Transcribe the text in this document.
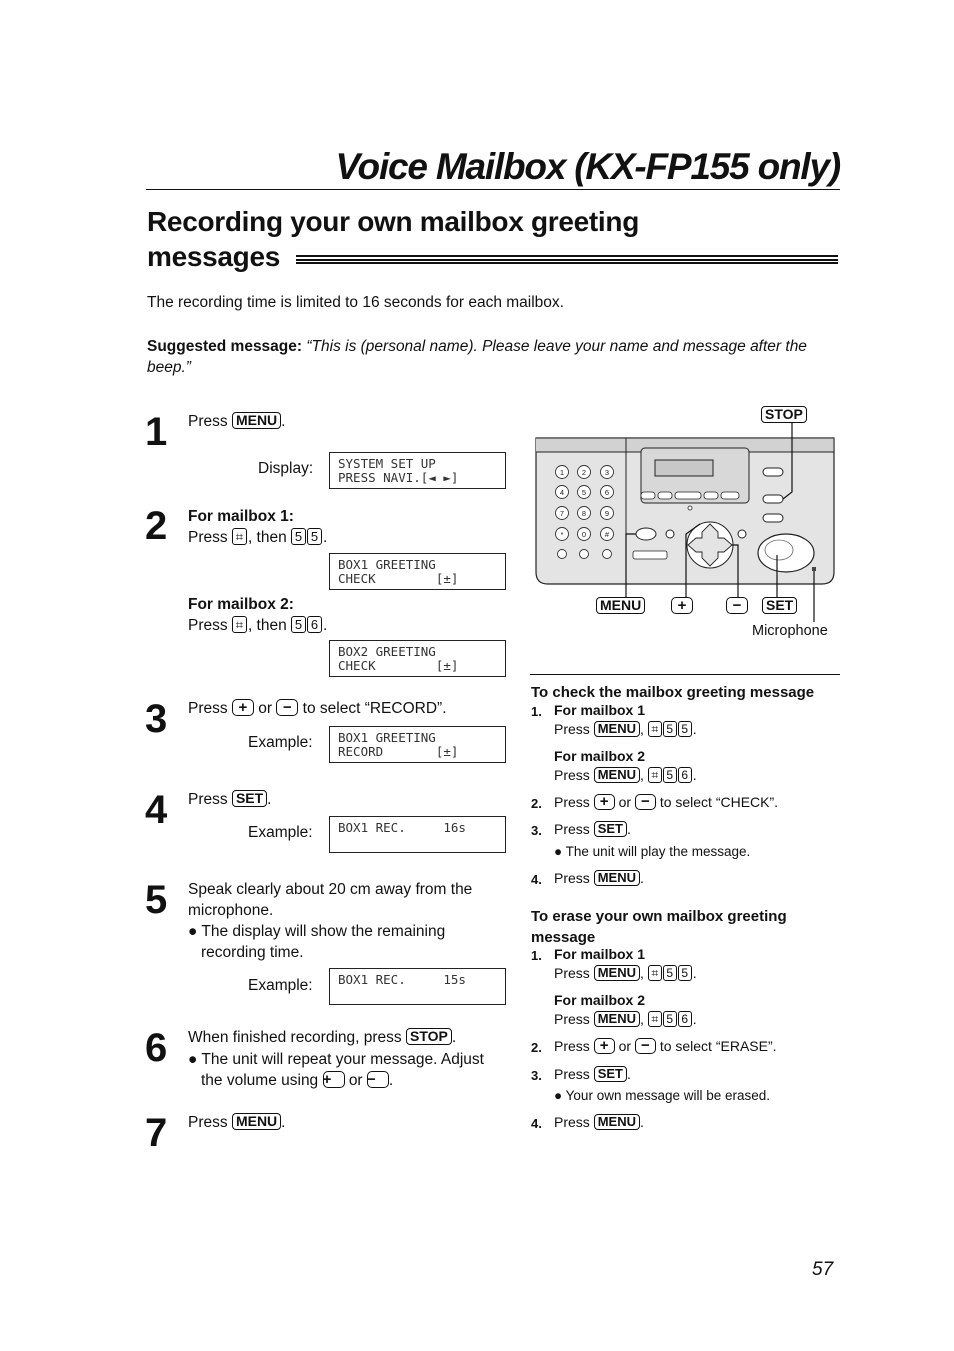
Voice Mailbox (KX-FP155 only)
Recording your own mailbox greeting
messages
The recording time is limited to 16 seconds for each mailbox.
Suggested message: “This is (personal name). Please leave your name and message after the beep.”
1 Press MENU .
Display:	SYSTEM SET UP
PRESS NAVI.[◄ ►]
2 For mailbox 1:
Press ⌗ , then 5 5 .
BOX1 GREETING
CHECK        [±]
For mailbox 2:
Press ⌗ , then 5 6 .
BOX2 GREETING
CHECK        [±]
3 Press + or − to select “RECORD”.
Example:	BOX1 GREETING
RECORD       [±]
4 Press SET .
Example:	BOX1 REC.     16s
5 Speak clearly about 20 cm away from the microphone.
● The display will show the remaining recording time.
Example:	BOX1 REC.     15s
6 When finished recording, press STOP .
● The unit will repeat your message. Adjust the volume using + or − .
7 Press MENU .
1 2	3
4 5	6
7 8	9
* 0	#
STOP
MENU	+	−	SET
Microphone
To check the mailbox greeting message
1. For mailbox 1
Press MENU , ⌗ 5 5 .
For mailbox 2
Press MENU , ⌗ 5 6 .
2. Press + or − to select “CHECK”.
3. Press SET .
● The unit will play the message.
4. Press MENU .
To erase your own mailbox greeting
message
1. For mailbox 1
Press MENU , ⌗ 5 5 .
For mailbox 2
Press MENU , ⌗ 5 6 .
2. Press + or − to select “ERASE”.
3. Press SET .
● Your own message will be erased.
4. Press MENU .
57
